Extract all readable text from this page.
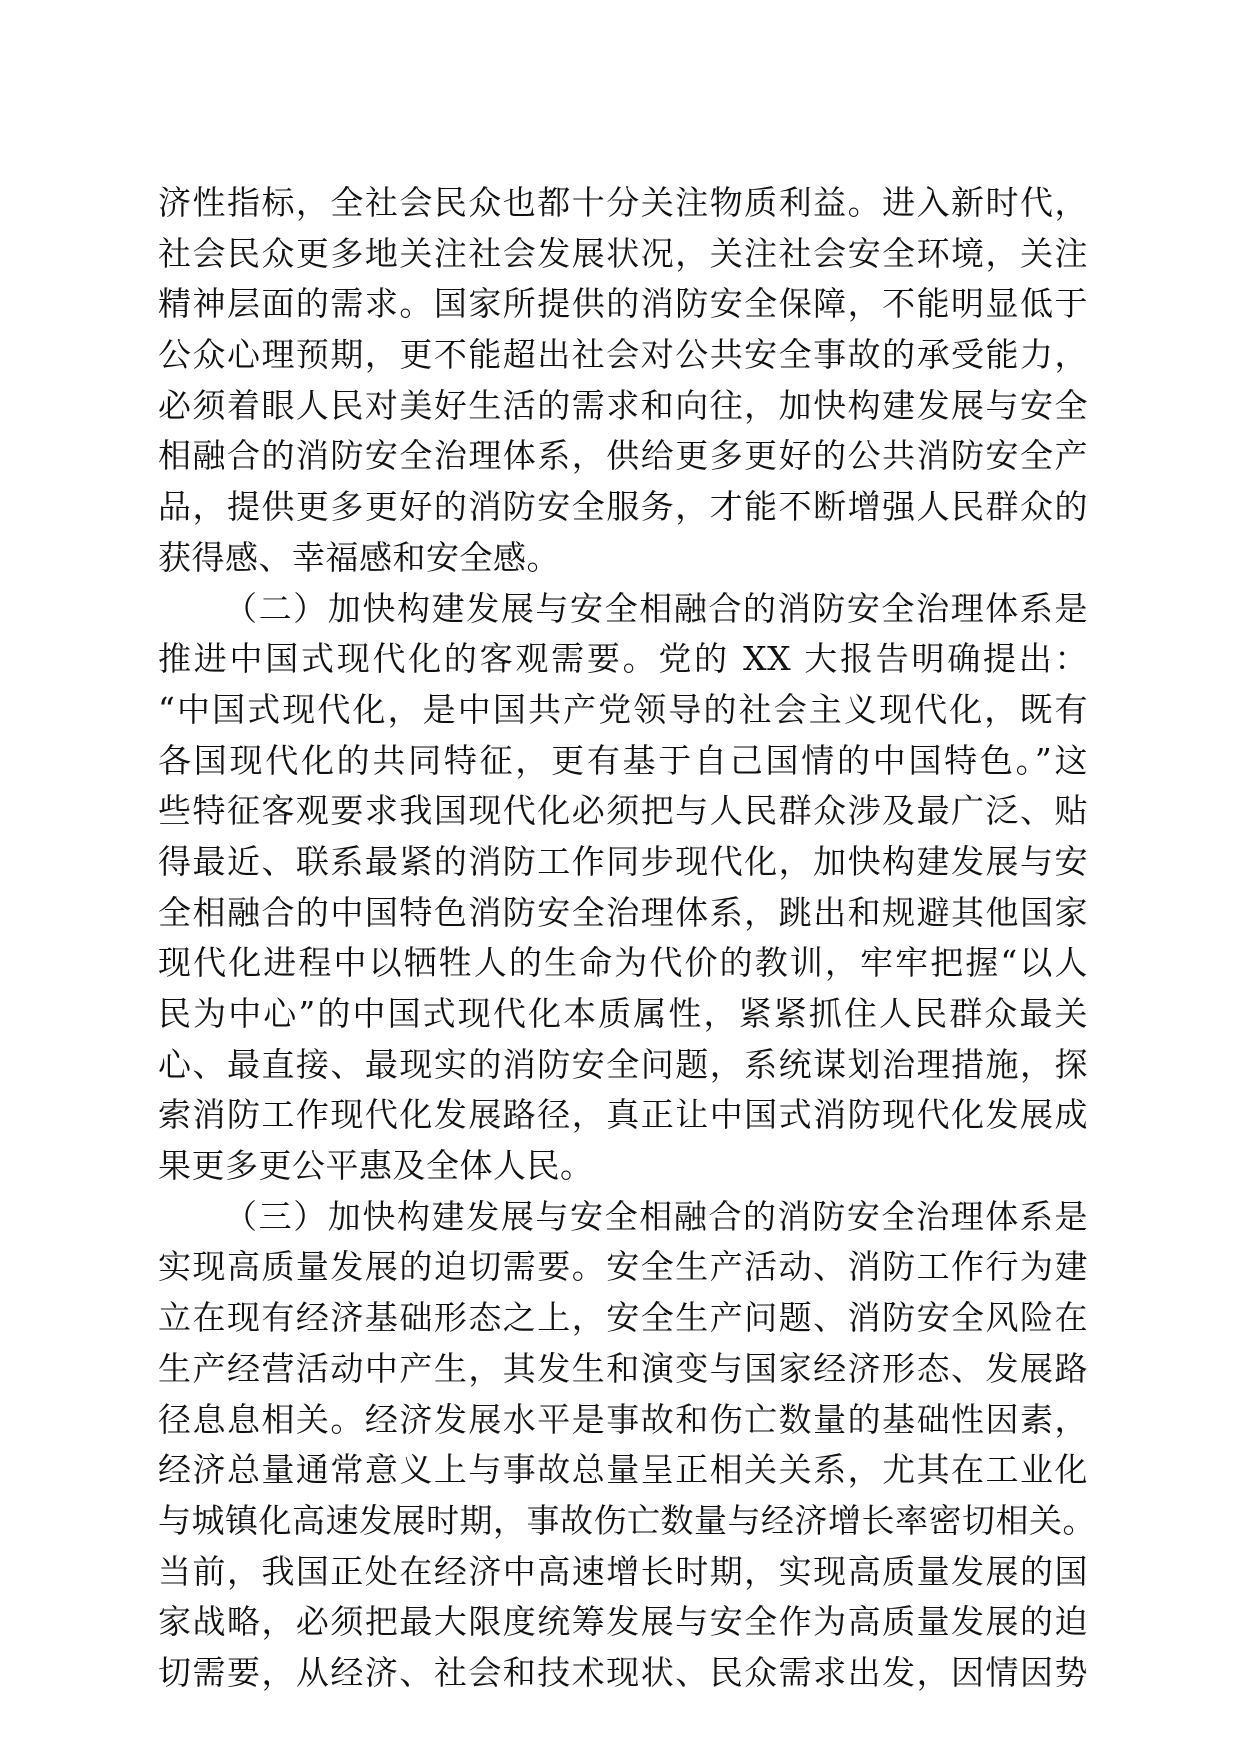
济性指标，全社会民众也都十分关注物质利益。进入新时代，
社会民众更多地关注社会发展状况，关注社会安全环境，关注
精神层面的需求。国家所提供的消防安全保障，不能明显低于
公众心理预期，更不能超出社会对公共安全事故的承受能力，
必须着眼人民对美好生活的需求和向往，加快构建发展与安全
相融合的消防安全治理体系，供给更多更好的公共消防安全产
品，提供更多更好的消防安全服务，才能不断增强人民群众的
获得感、幸福感和安全感。
（二）加快构建发展与安全相融合的消防安全治理体系是
推进中国式现代化的客观需要。党的 XX 大报告明确提出：
“中国式现代化，是中国共产党领导的社会主义现代化，既有
各国现代化的共同特征，更有基于自己国情的中国特色。”这
些特征客观要求我国现代化必须把与人民群众涉及最广泛、贴
得最近、联系最紧的消防工作同步现代化，加快构建发展与安
全相融合的中国特色消防安全治理体系，跳出和规避其他国家
现代化进程中以牺牲人的生命为代价的教训，牢牢把握“以人
民为中心”的中国式现代化本质属性，紧紧抓住人民群众最关
心、最直接、最现实的消防安全问题，系统谋划治理措施，探
索消防工作现代化发展路径，真正让中国式消防现代化发展成
果更多更公平惠及全体人民。
（三）加快构建发展与安全相融合的消防安全治理体系是
实现高质量发展的迫切需要。安全生产活动、消防工作行为建
立在现有经济基础形态之上，安全生产问题、消防安全风险在
生产经营活动中产生，其发生和演变与国家经济形态、发展路
径息息相关。经济发展水平是事故和伤亡数量的基础性因素，
经济总量通常意义上与事故总量呈正相关关系，尤其在工业化
与城镇化高速发展时期，事故伤亡数量与经济增长率密切相关。
当前，我国正处在经济中高速增长时期，实现高质量发展的国
家战略，必须把最大限度统筹发展与安全作为高质量发展的迫
切需要，从经济、社会和技术现状、民众需求出发，因情因势
